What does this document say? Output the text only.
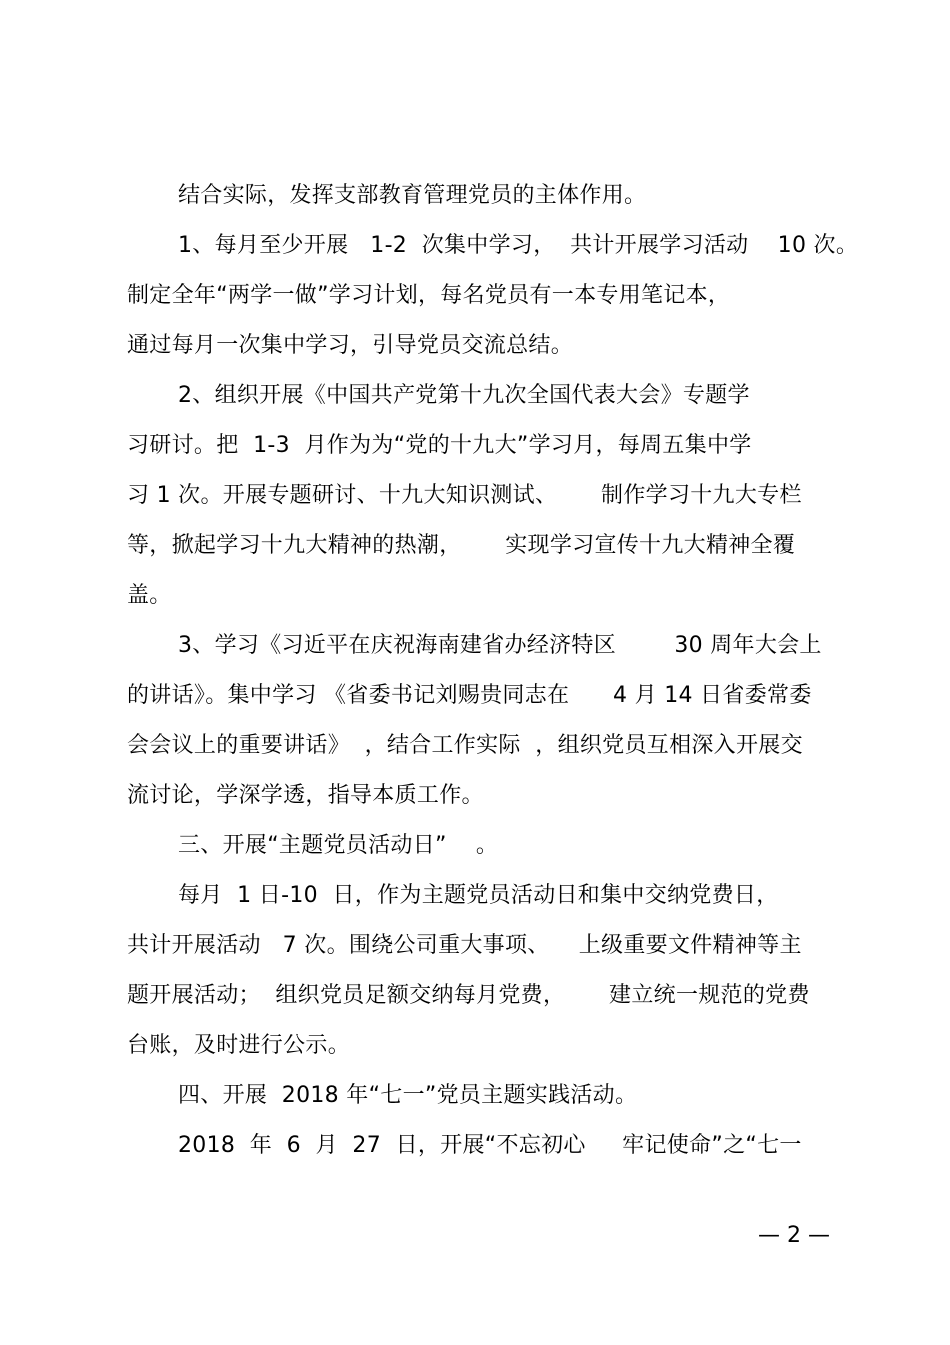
结合实际，发挥支部教育管理党员的主体作用。
1、每月至少开展   1-2  次集中学习，  共计开展学习活动    10 次。
制定全年“两学一做”学习计划，每名党员有一本专用笔记本，
通过每月一次集中学习，引导党员交流总结。
2、组织开展《中国共产党第十九次全国代表大会》专题学
习研讨。把  1-3  月作为为“党的十九大”学习月，每周五集中学
习 1 次。开展专题研讨、十九大知识测试、      制作学习十九大专栏
等，掀起学习十九大精神的热潮，      实现学习宣传十九大精神全覆
盖。
3、学习《习近平在庆祝海南建省办经济特区        30 周年大会上
的讲话》。集中学习 《省委书记刘赐贵同志在      4 月 14 日省委常委
会会议上的重要讲话》  ，结合工作实际  ，组织党员互相深入开展交
流讨论，学深学透，指导本质工作。
三、开展“主题党员活动日”    。
每月  1 日-10  日，作为主题党员活动日和集中交纳党费日，
共计开展活动   7 次。围绕公司重大事项、    上级重要文件精神等主
题开展活动；  组织党员足额交纳每月党费，      建立统一规范的党费
台账，及时进行公示。
四、开展  2018 年“七一”党员主题实践活动。
2018  年  6  月  27  日，开展“不忘初心     牢记使命”之“七一
— 2 —
